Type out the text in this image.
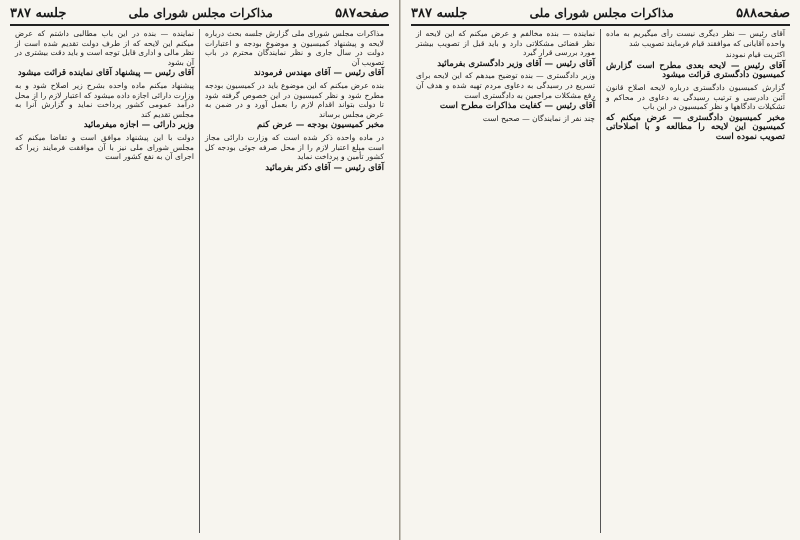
صفحه۵۸۷
مذاکرات مجلس شورای ملی
جلسه ۳۸۷

مذاکرات مجلس شورای ملی گزارش جلسه بحث درباره لایحه و پیشنهاد کمیسیون و موضوع بودجه و اعتبارات دولت در سال جاری و نظر نمایندگان محترم در باب تصویب آن

آقای رئیس — آقای مهندس فرمودند

بنده عرض میکنم که این موضوع باید در کمیسیون بودجه مطرح شود و نظر کمیسیون در این خصوص گرفته شود تا دولت بتواند اقدام لازم را بعمل آورد و در ضمن به عرض مجلس برساند

مخبر کمیسیون بودجه — عرض کنم

در ماده واحده ذکر شده است که وزارت دارائی مجاز است مبلغ اعتبار لازم را از محل صرفه جوئی بودجه کل کشور تأمین و پرداخت نماید

آقای رئیس — آقای دکتر بفرمائید

نماینده — بنده در این باب مطالبی داشتم که عرض میکنم این لایحه که از طرف دولت تقدیم شده است از نظر مالی و اداری قابل توجه است و باید دقت بیشتری در آن بشود

آقای رئیس — پیشنهاد آقای نماینده قرائت میشود

پیشنهاد میکنم ماده واحده بشرح زیر اصلاح شود و به وزارت دارائی اجازه داده میشود که اعتبار لازم را از محل درآمد عمومی کشور پرداخت نماید و گزارش آنرا به مجلس تقدیم کند

وزیر دارائی — اجازه میفرمائید

دولت با این پیشنهاد موافق است و تقاضا میکنم که مجلس شورای ملی نیز با آن موافقت فرمایند زیرا که اجرای آن به نفع کشور است

صفحه۵۸۸
مذاکرات مجلس شورای ملی
جلسه ۳۸۷

آقای رئیس — نظر دیگری نیست رأی میگیریم به ماده واحده آقایانی که موافقند قیام فرمایند تصویب شد

اکثریت قیام نمودند

آقای رئیس — لایحه بعدی مطرح است گزارش کمیسیون دادگستری قرائت میشود

گزارش کمیسیون دادگستری درباره لایحه اصلاح قانون آئین دادرسی و ترتیب رسیدگی به دعاوی در محاکم و تشکیلات دادگاهها و نظر کمیسیون در این باب

مخبر کمیسیون دادگستری — عرض میکنم که کمیسیون این لایحه را مطالعه و با اصلاحاتی تصویب نموده است

نماینده — بنده مخالفم و عرض میکنم که این لایحه از نظر قضائی مشکلاتی دارد و باید قبل از تصویب بیشتر مورد بررسی قرار گیرد

آقای رئیس — آقای وزیر دادگستری بفرمائید

وزیر دادگستری — بنده توضیح میدهم که این لایحه برای تسریع در رسیدگی به دعاوی مردم تهیه شده و هدف آن رفع مشکلات مراجعین به دادگستری است

آقای رئیس — کفایت مذاکرات مطرح است

چند نفر از نمایندگان — صحیح است
